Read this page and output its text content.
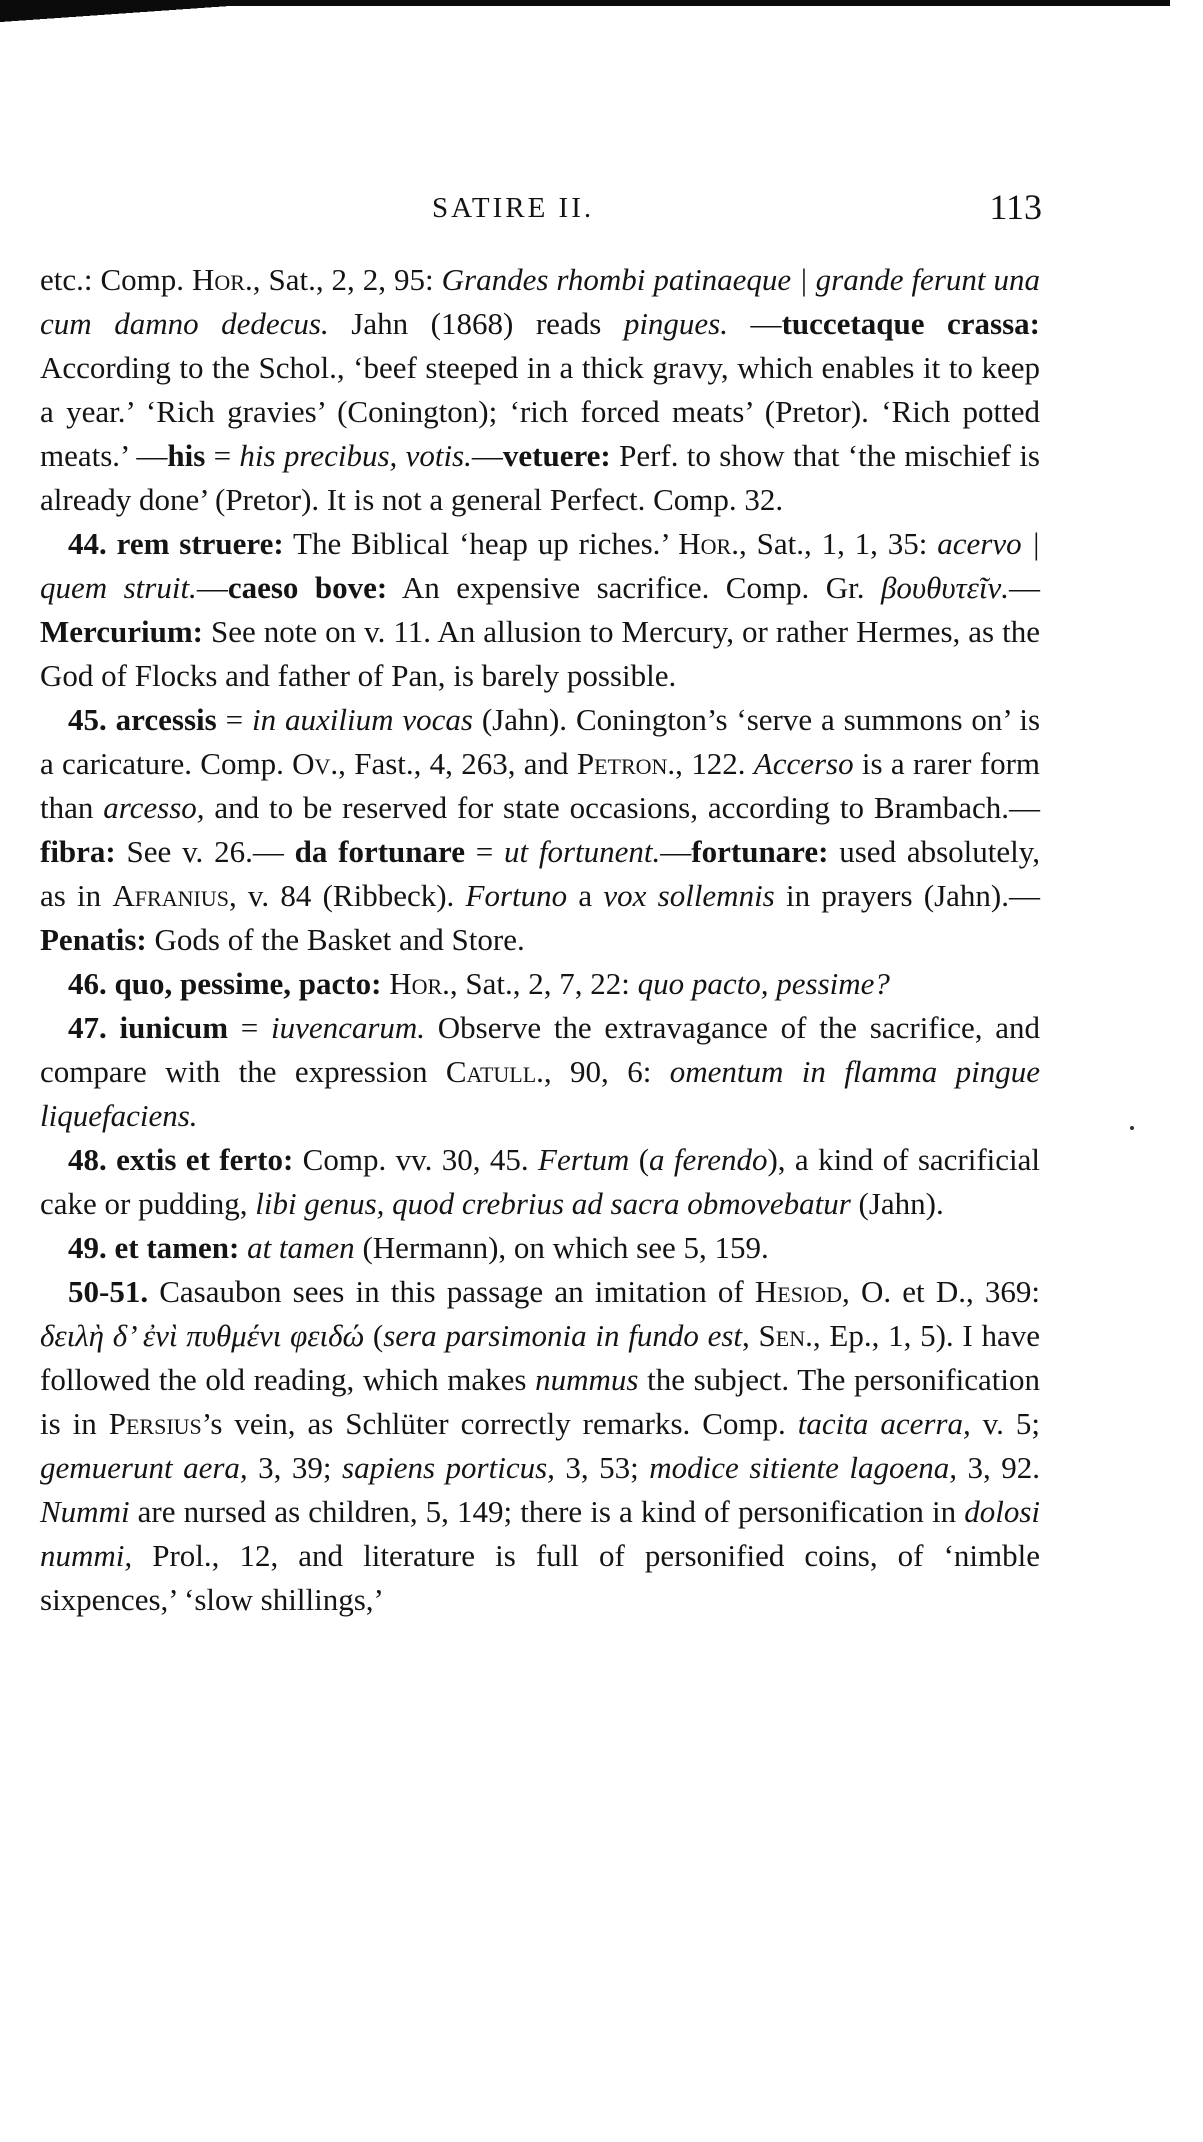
SATIRE II.	113

etc.: Comp. Hor., Sat., 2, 2, 95: Grandes rhombi patinaeque | grande ferunt una cum damno dedecus. Jahn (1868) reads pingues. —tuccetaque crassa: According to the Schol., ‘beef steeped in a thick gravy, which enables it to keep a year.’ ‘Rich gravies’ (Conington); ‘rich forced meats’ (Pretor). ‘Rich potted meats.’ —his = his precibus, votis.—vetuere: Perf. to show that ‘the mischief is already done’ (Pretor). It is not a general Perfect. Comp. 32.

44. rem struere: The Biblical ‘heap up riches.’ Hor., Sat., 1, 1, 35: acervo | quem struit.—caeso bove: An expensive sacrifice. Comp. Gr. βουθυτεῖν.—Mercurium: See note on v. 11. An allusion to Mercury, or rather Hermes, as the God of Flocks and father of Pan, is barely possible.

45. arcessis = in auxilium vocas (Jahn). Conington’s ‘serve a summons on’ is a caricature. Comp. Ov., Fast., 4, 263, and Petron., 122. Accerso is a rarer form than arcesso, and to be reserved for state occasions, according to Brambach.—fibra: See v. 26.— da fortunare = ut fortunent.—fortunare: used absolutely, as in Afranius, v. 84 (Ribbeck). Fortuno a vox sollemnis in prayers (Jahn).—Penatis: Gods of the Basket and Store.

46. quo, pessime, pacto: Hor., Sat., 2, 7, 22: quo pacto, pessime?

47. iunicum = iuvencarum. Observe the extravagance of the sacrifice, and compare with the expression Catull., 90, 6: omentum in flamma pingue liquefaciens.

48. extis et ferto: Comp. vv. 30, 45. Fertum (a ferendo), a kind of sacrificial cake or pudding, libi genus, quod crebrius ad sacra obmovebatur (Jahn).

49. et tamen: at tamen (Hermann), on which see 5, 159.

50-51. Casaubon sees in this passage an imitation of Hesiod, O. et D., 369: δειλὴ δ’ ἐνὶ πυθμένι φειδώ (sera parsimonia in fundo est, Sen., Ep., 1, 5). I have followed the old reading, which makes nummus the subject. The personification is in Persius’s vein, as Schlüter correctly remarks. Comp. tacita acerra, v. 5; gemuerunt aera, 3, 39; sapiens porticus, 3, 53; modice sitiente lagoena, 3, 92. Nummi are nursed as children, 5, 149; there is a kind of personification in dolosi nummi, Prol., 12, and literature is full of personified coins, of ‘nimble sixpences,’ ‘slow shillings,’
